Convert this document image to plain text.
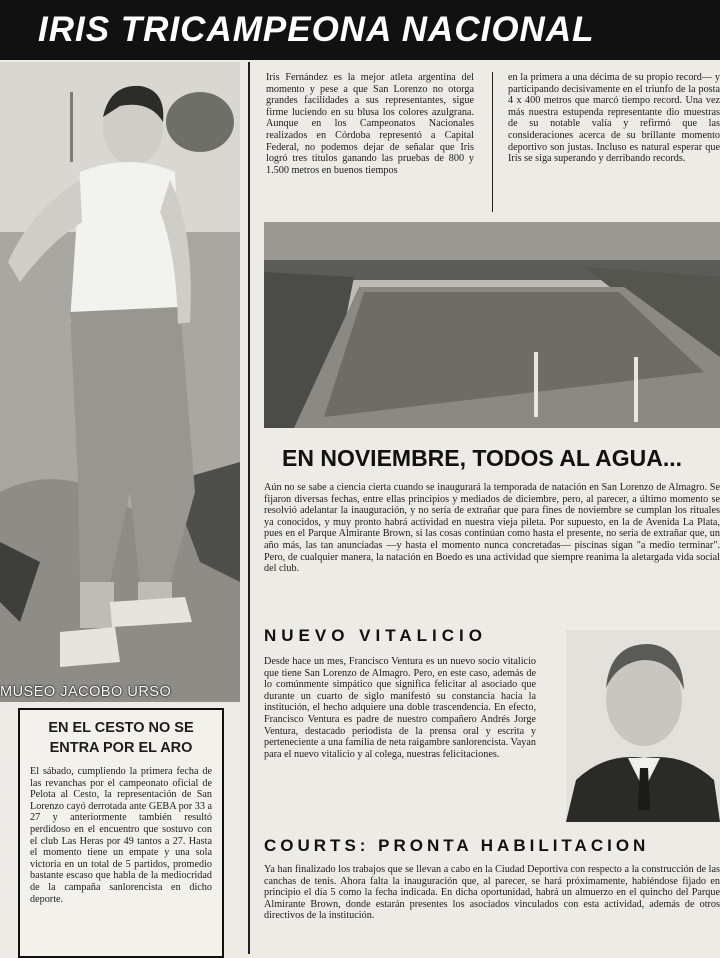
IRIS TRICAMPEONA NACIONAL
MUSEO JACOBO URSO
Iris Fernández es la mejor atleta argentina del momento y pese a que San Lorenzo no otorga grandes facilidades a sus representantes, sigue firme luciendo en su blusa los colores azulgrana. Aunque en los Campeonatos Nacionales realizados en Córdoba representó a Capital Federal, no podemos dejar de señalar que Iris logró tres títulos ganando las pruebas de 800 y 1.500 metros en buenos tiempos
en la primera a una décima de su propio record— y participando decisivamente en el triunfo de la posta 4 x 400 metros que marcó tiempo record. Una vez más nuestra estupenda representante dio muestras de su notable valía y refirmó que las consideraciones acerca de su brillante momento deportivo son justas. Incluso es natural esperar que Iris se siga superando y derribando records.
EN NOVIEMBRE, TODOS AL AGUA...
Aún no se sabe a ciencia cierta cuando se inaugurará la temporada de natación en San Lorenzo de Almagro. Se fijaron diversas fechas, entre ellas principios y mediados de diciembre, pero, al parecer, a último momento se resolvió adelantar la inauguración, y no sería de extrañar que para fines de noviembre se cumplan los rituales ya conocidos, y muy pronto habrá actividad en nuestra vieja pileta. Por supuesto, en la de Avenida La Plata, pues en el Parque Almirante Brown, si las cosas continúan como hasta el presente, no sería de extrañar que, un año más, las tan anunciadas —y hasta el momento nunca concretadas— piscinas sigan "a medio terminar". Pero, de cualquier manera, la natación en Boedo es una actividad que siempre reanima la aletargada vida social del club.
NUEVO VITALICIO
Desde hace un mes, Francisco Ventura es un nuevo socio vitalicio que tiene San Lorenzo de Almagro. Pero, en este caso, además de lo comúnmente simpático que significa felicitar al asociado que durante un cuarto de siglo manifestó su constancia hacia la institución, el hecho adquiere una doble trascendencia. En efecto, Francisco Ventura es padre de nuestro compañero Andrés Jorge Ventura, destacado periodista de la prensa oral y escrita y perteneciente a una familia de neta raigambre sanlorencista. Vayan para el nuevo vitalicio y al colega, nuestras felicitaciones.
COURTS: PRONTA HABILITACION
Ya han finalizado los trabajos que se llevan a cabo en la Ciudad Deportiva con respecto a la construcción de las canchas de tenis. Ahora falta la inauguración que, al parecer, se hará próximamente, habiéndose fijado en principio el día 5 como la fecha indicada. En dicha oportunidad, habrá un almuerzo en el quincho del Parque Almirante Brown, donde estarán presentes los asociados vinculados con esta actividad, además de otros directivos de la institución.
EN EL CESTO NO SE ENTRA POR EL ARO
El sábado, cumpliendo la primera fecha de las revanchas por el campeonato oficial de Pelota al Cesto, la representación de San Lorenzo cayó derrotada ante GEBA por 33 a 27 y anteriormente también resultó perdidoso en el encuentro que sostuvo con el club Las Heras por 49 tantos a 27. Hasta el momento tiene un empate y una sola victoria en un total de 5 partidos, promedio bastante escaso que habla de la mediocridad de la campaña sanlorencista en dicho deporte.
